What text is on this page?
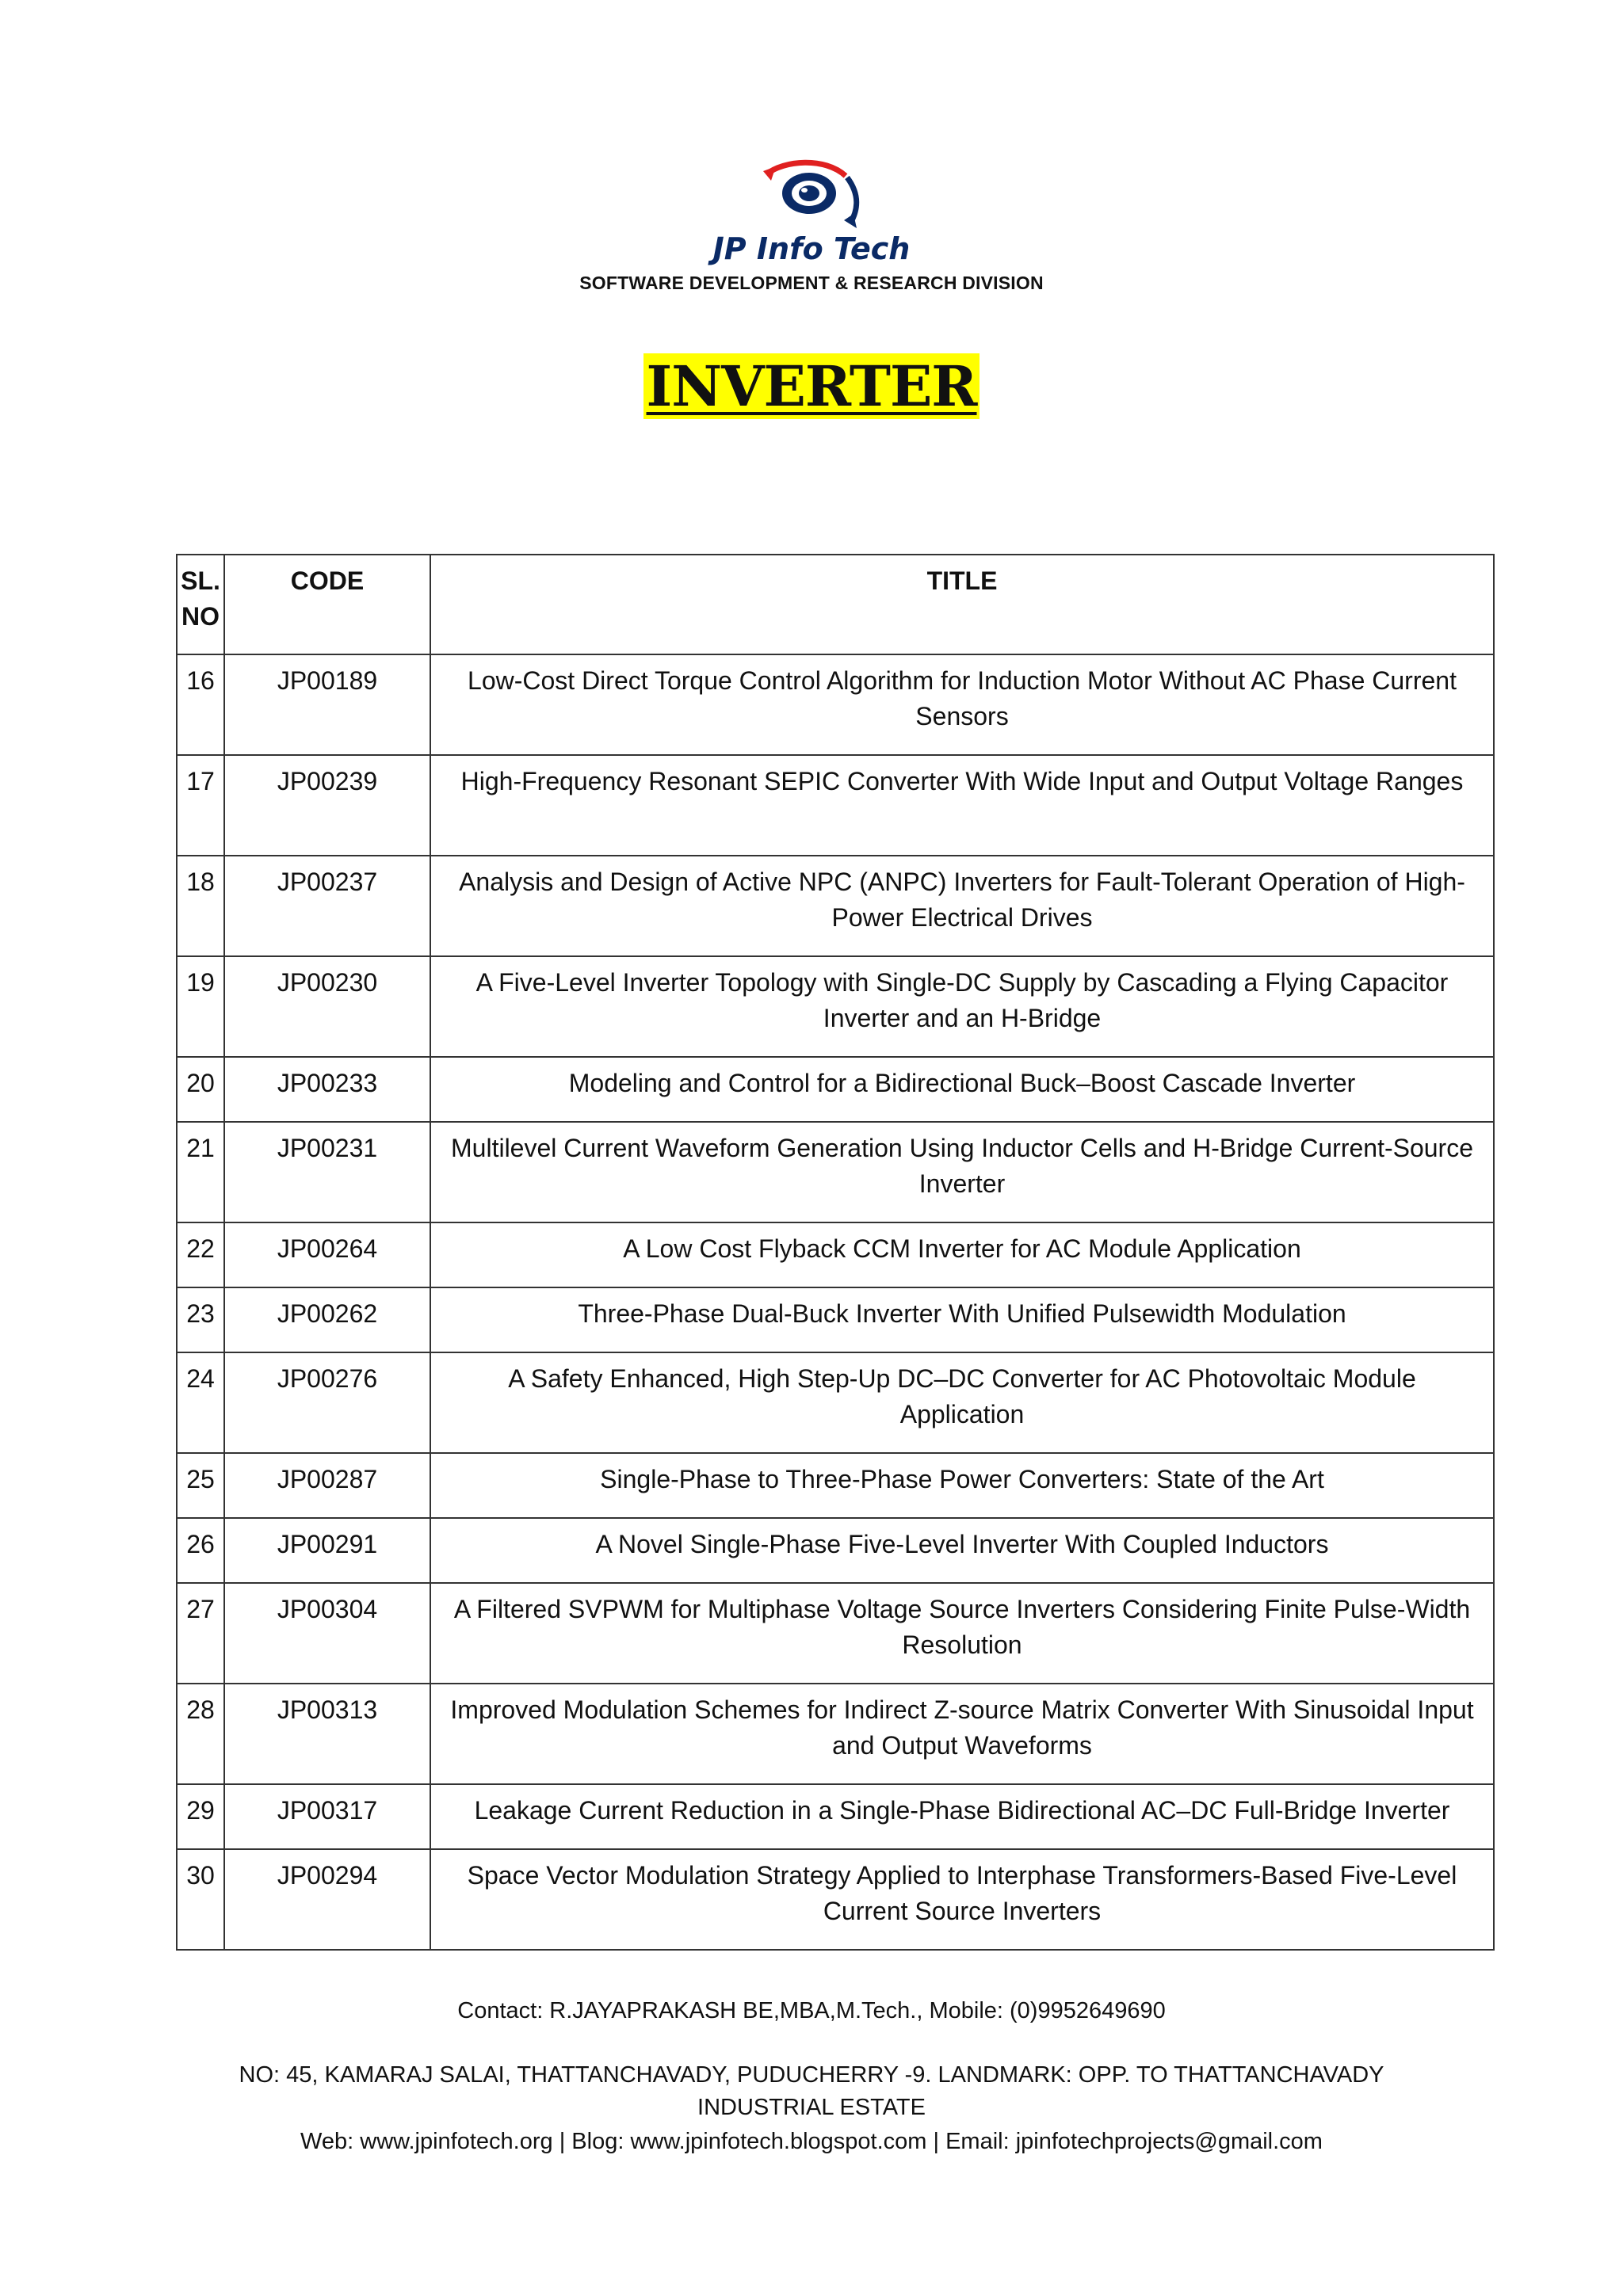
JP Info Tech
SOFTWARE DEVELOPMENT & RESEARCH DIVISION
INVERTER
SL. NO	CODE	TITLE
16	JP00189	Low-Cost Direct Torque Control Algorithm for Induction Motor Without AC Phase Current Sensors
17	JP00239	High-Frequency Resonant SEPIC Converter With Wide Input and Output Voltage Ranges
18	JP00237	Analysis and Design of Active NPC (ANPC) Inverters for Fault-Tolerant Operation of High-Power Electrical Drives
19	JP00230	A Five-Level Inverter Topology with Single-DC Supply by Cascading a Flying Capacitor Inverter and an H-Bridge
20	JP00233	Modeling and Control for a Bidirectional Buck–Boost Cascade Inverter
21	JP00231	Multilevel Current Waveform Generation Using Inductor Cells and H-Bridge Current-Source Inverter
22	JP00264	A Low Cost Flyback CCM Inverter for AC Module Application
23	JP00262	Three-Phase Dual-Buck Inverter With Unified Pulsewidth Modulation
24	JP00276	A Safety Enhanced, High Step-Up DC–DC Converter for AC Photovoltaic Module Application
25	JP00287	Single-Phase to Three-Phase Power Converters: State of the Art
26	JP00291	A Novel Single-Phase Five-Level Inverter With Coupled Inductors
27	JP00304	A Filtered SVPWM for Multiphase Voltage Source Inverters Considering Finite Pulse-Width Resolution
28	JP00313	Improved Modulation Schemes for Indirect Z-source Matrix Converter With Sinusoidal Input and Output Waveforms
29	JP00317	Leakage Current Reduction in a Single-Phase Bidirectional AC–DC Full-Bridge Inverter
30	JP00294	Space Vector Modulation Strategy Applied to Interphase Transformers-Based Five-Level Current Source Inverters
Contact: R.JAYAPRAKASH BE,MBA,M.Tech., Mobile: (0)9952649690
NO: 45, KAMARAJ SALAI, THATTANCHAVADY, PUDUCHERRY -9. LANDMARK: OPP. TO THATTANCHAVADY INDUSTRIAL ESTATE
Web: www.jpinfotech.org | Blog: www.jpinfotech.blogspot.com | Email: jpinfotechprojects@gmail.com
